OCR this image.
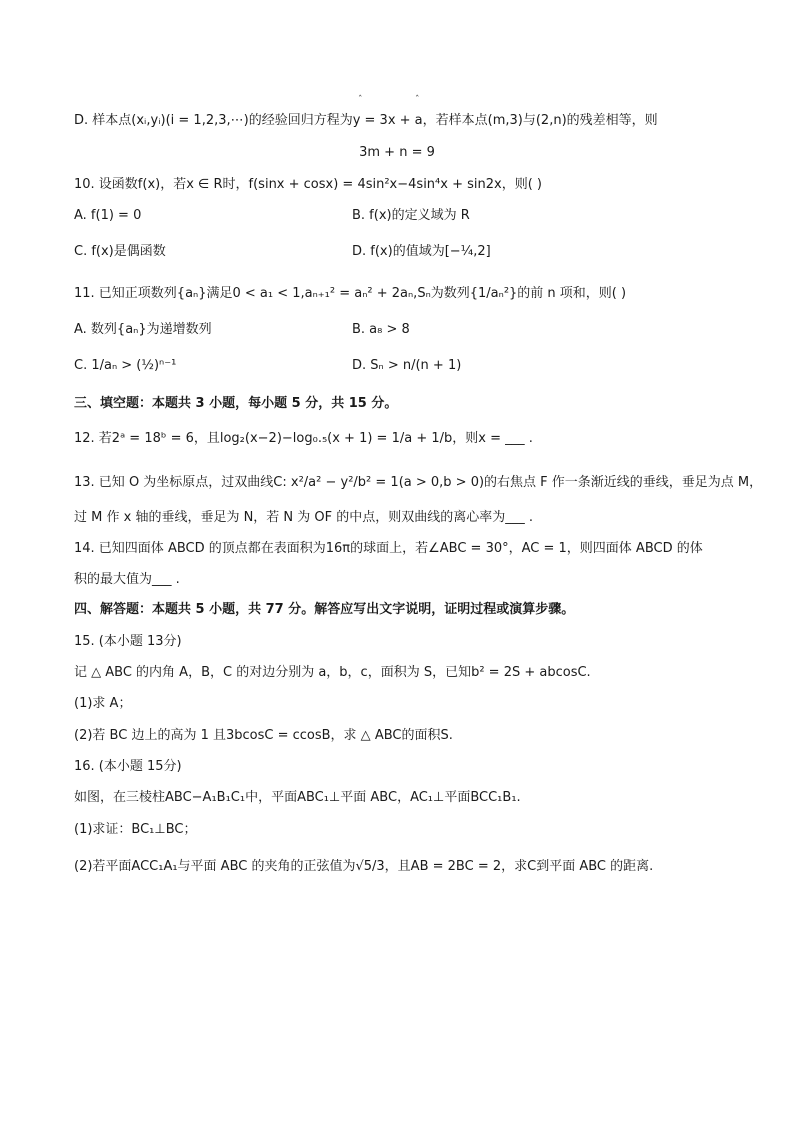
ˆ	ˆ
D. 样本点(xᵢ,yᵢ)(i = 1,2,3,⋯)的经验回归方程为y = 3x + a，若样本点(m,3)与(2,n)的残差相等，则
3m + n = 9
10. 设函数f(x)，若x ∈ R时，f(sinx + cosx) = 4sin²x−4sin⁴x + sin2x，则( )
A. f(1) = 0	B. f(x)的定义域为 R
C. f(x)是偶函数	D. f(x)的值域为[−¼,2]
11. 已知正项数列{aₙ}满足0 < a₁ < 1,aₙ₊₁² = aₙ² + 2aₙ,Sₙ为数列{1/aₙ²}的前 n 项和，则( )
A. 数列{aₙ}为递增数列	B. a₈ > 8
C. 1/aₙ > (½)ⁿ⁻¹	D. Sₙ > n/(n + 1)
三、填空题：本题共 3 小题，每小题 5 分，共 15 分。
12. 若2ᵃ = 18ᵇ = 6，且log₂(x−2)−log₀.₅(x + 1) = 1/a + 1/b，则x = ___ .
13. 已知 O 为坐标原点，过双曲线C: x²/a² − y²/b² = 1(a > 0,b > 0)的右焦点 F 作一条渐近线的垂线，垂足为点 M，
过 M 作 x 轴的垂线，垂足为 N，若 N 为 OF 的中点，则双曲线的离心率为___ .
14. 已知四面体 ABCD 的顶点都在表面积为16π的球面上，若∠ABC = 30°，AC = 1，则四面体 ABCD 的体
积的最大值为___ .
四、解答题：本题共 5 小题，共 77 分。解答应写出文字说明，证明过程或演算步骤。
15. (本小题 13分)
记 △ ABC 的内角 A，B，C 的对边分别为 a，b，c，面积为 S，已知b² = 2S + abcosC.
(1)求 A；
(2)若 BC 边上的高为 1 且3bcosC = ccosB，求 △ ABC的面积S.
16. (本小题 15分)
如图，在三棱柱ABC−A₁B₁C₁中，平面ABC₁⊥平面 ABC，AC₁⊥平面BCC₁B₁.
(1)求证：BC₁⊥BC；
(2)若平面ACC₁A₁与平面 ABC 的夹角的正弦值为√5/3，且AB = 2BC = 2，求C到平面 ABC 的距离.
